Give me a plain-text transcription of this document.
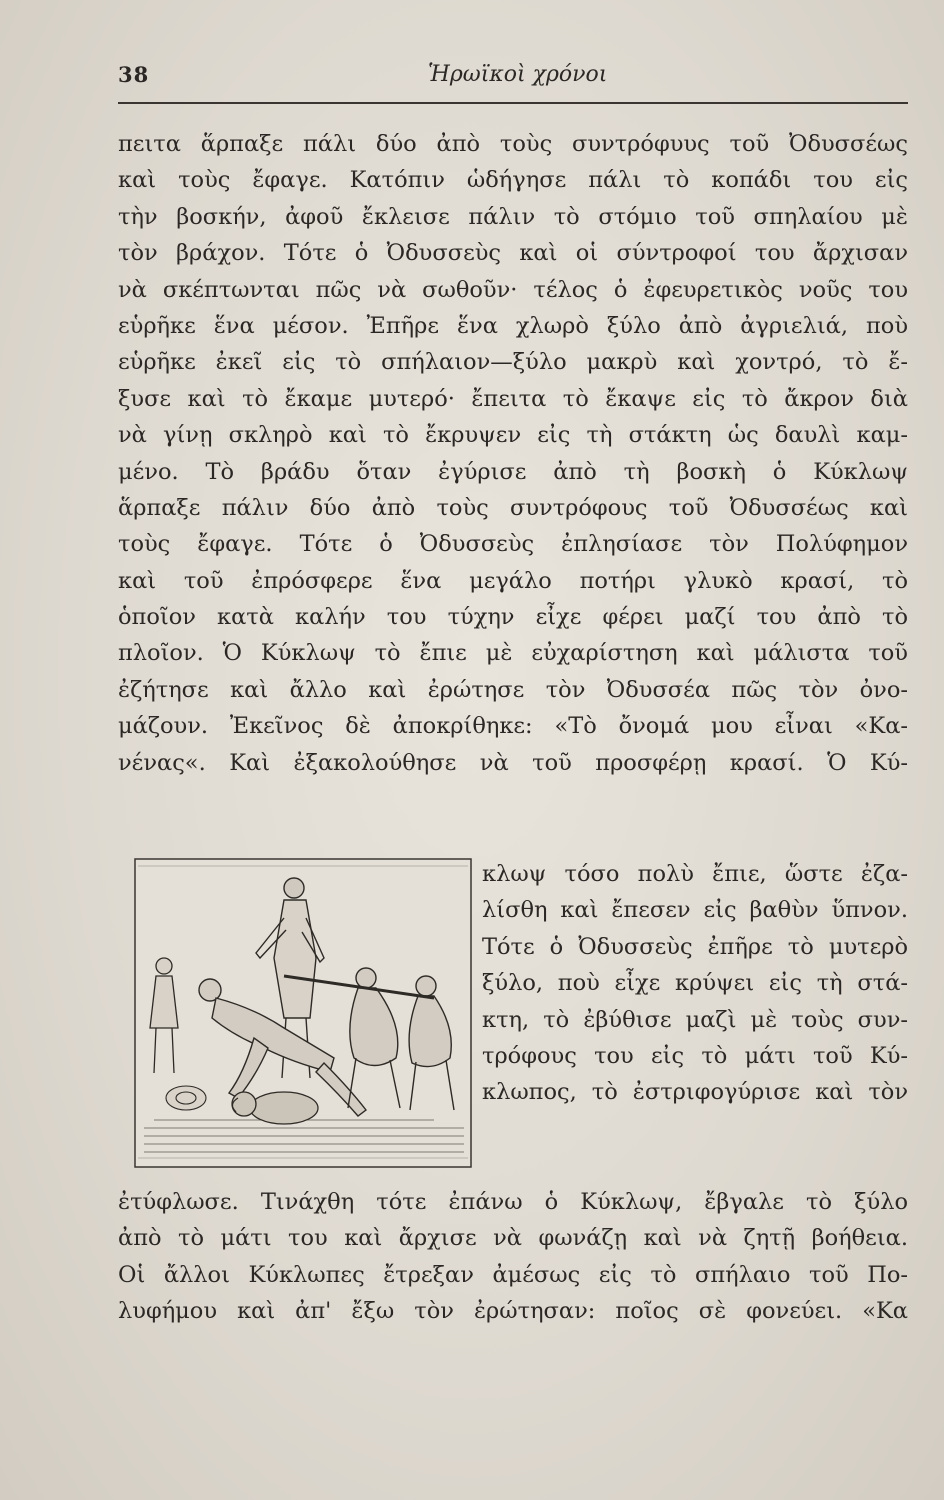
38	Ἡρωϊκοὶ χρόνοι
πειτα ἅρπαξε πάλι δύο ἀπὸ τοὺς συντρόφυυς τοῦ Ὀδυσσέως
καὶ τοὺς ἔφαγε. Κατόπιν ὡδήγησε πάλι τὸ κοπάδι του εἰς
τὴν βοσκήν, ἀφοῦ ἔκλεισε πάλιν τὸ στόμιο τοῦ σπηλαίου μὲ
τὸν βράχον. Τότε ὁ Ὀδυσσεὺς καὶ οἱ σύντροφοί του ἄρχισαν
νὰ σκέπτωνται πῶς νὰ σωθοῦν· τέλος ὁ ἐφευρετικὸς νοῦς του
εὑρῆκε ἕνα μέσον. Ἐπῆρε ἕνα χλωρὸ ξύλο ἀπὸ ἀγριελιά, ποὺ
εὑρῆκε ἐκεῖ εἰς τὸ σπήλαιον—ξύλο μακρὺ καὶ χοντρό, τὸ ἔ-
ξυσε καὶ τὸ ἔκαμε μυτερό· ἔπειτα τὸ ἔκαψε εἰς τὸ ἄκρον διὰ
νὰ γίνῃ σκληρὸ καὶ τὸ ἔκρυψεν εἰς τὴ στάκτη ὡς δαυλὶ καμ-
μένο. Τὸ βράδυ ὅταν ἐγύρισε ἀπὸ τὴ βοσκὴ ὁ Κύκλωψ
ἅρπαξε πάλιν δύο ἀπὸ τοὺς συντρόφους τοῦ Ὀδυσσέως καὶ
τοὺς ἔφαγε. Τότε ὁ Ὀδυσσεὺς ἐπλησίασε τὸν Πολύφημον
καὶ τοῦ ἐπρόσφερε ἕνα μεγάλο ποτήρι γλυκὸ κρασί, τὸ
ὁποῖον κατὰ καλήν του τύχην εἶχε φέρει μαζί του ἀπὸ τὸ
πλοῖον. Ὁ Κύκλωψ τὸ ἔπιε μὲ εὐχαρίστηση καὶ μάλιστα τοῦ
ἐζήτησε καὶ ἄλλο καὶ ἐρώτησε τὸν Ὀδυσσέα πῶς τὸν ὀνο-
μάζουν. Ἐκεῖνος δὲ ἀποκρίθηκε: «Τὸ ὄνομά μου εἶναι «Κα-
νένας«. Καὶ ἐξακολούθησε νὰ τοῦ προσφέρῃ κρασί. Ὁ Κύ-
κλωψ τόσο πολὺ ἔπιε, ὥστε ἐζα-
λίσθη καὶ ἔπεσεν εἰς βαθὺν ὕπνον.
Τότε ὁ Ὀδυσσεὺς ἐπῆρε τὸ μυτερὸ
ξύλο, ποὺ εἶχε κρύψει εἰς τὴ στά-
κτη, τὸ ἐβύθισε μαζὶ μὲ τοὺς συν-
τρόφους του εἰς τὸ μάτι τοῦ Κύ-
κλωπος, τὸ ἐστριφογύρισε καὶ τὸν
ἐτύφλωσε. Τινάχθη τότε ἐπάνω ὁ Κύκλωψ, ἔβγαλε τὸ ξύλο
ἀπὸ τὸ μάτι του καὶ ἄρχισε νὰ φωνάζῃ καὶ νὰ ζητῇ βοήθεια.
Οἱ ἄλλοι Κύκλωπες ἔτρεξαν ἀμέσως εἰς τὸ σπήλαιο τοῦ Πο-
λυφήμου καὶ ἀπ' ἔξω τὸν ἐρώτησαν: ποῖος σὲ φονεύει. «Κα
